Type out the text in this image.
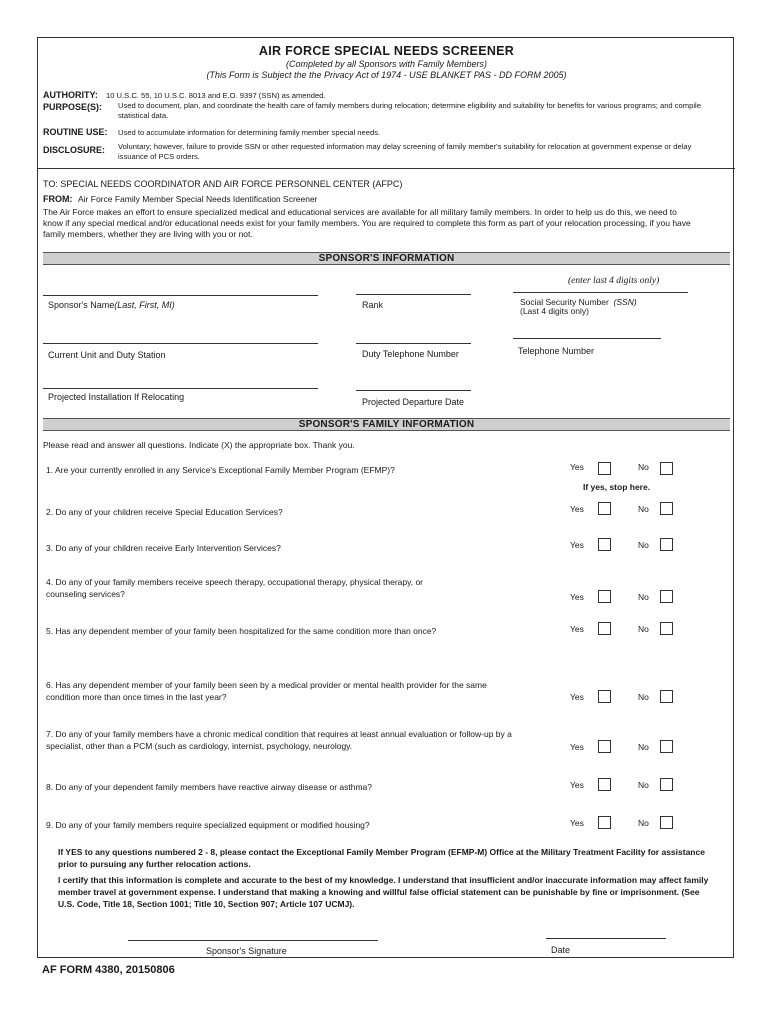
AIR FORCE SPECIAL NEEDS SCREENER
(Completed by all Sponsors with Family Members)
(This Form is Subject the the Privacy Act of 1974 - USE BLANKET PAS - DD FORM 2005)
AUTHORITY: 10 U.S.C. 55, 10 U.S.C. 8013 and E.O. 9397 (SSN) as amended.
PURPOSE(S): Used to document, plan, and coordinate the health care of family members during relocation; determine eligibility and suitability for benefits for various programs; and compile statistical data.
ROUTINE USE: Used to accumulate information for determining family member special needs.
DISCLOSURE: Voluntary; however, failure to provide SSN or other requested information may delay screening of family member's suitability for relocation at government expense or delay issuance of PCS orders.
TO: SPECIAL NEEDS COORDINATOR AND AIR FORCE PERSONNEL CENTER (AFPC)
FROM: Air Force Family Member Special Needs Identification Screener
The Air Force makes an effort to ensure specialized medical and educational services are available for all military family members. In order to help us do this, we need to know if any special medical and/or educational needs exist for your family members. You are required to complete this form as part of your relocation processing, if you have family members, whether they are living with you or not.
SPONSOR'S INFORMATION
(enter last 4 digits only)
Sponsor's Name(Last, First, MI)	Rank	Social Security Number (SSN)
(Last 4 digits only)
Current Unit and Duty Station	Duty Telephone Number	Telephone Number
Projected Installation If Relocating	Projected Departure Date
SPONSOR'S FAMILY INFORMATION
Please read and answer all questions. Indicate (X) the appropriate box. Thank you.
1. Are your currently enrolled in any Service's Exceptional Family Member Program (EFMP)?	Yes	No
If yes, stop here.
2. Do any of your children receive Special Education Services?	Yes	No
3. Do any of your children receive Early Intervention Services?	Yes	No
4. Do any of your family members receive speech therapy, occupational therapy, physical therapy, or counseling services?	Yes	No
5. Has any dependent member of your family been hospitalized for the same condition more than once?	Yes	No
6. Has any dependent member of your family been seen by a medical provider or mental health provider for the same condition more than once times in the last year?	Yes	No
7. Do any of your family members have a chronic medical condition that requires at least annual evaluation or follow-up by a specialist, other than a PCM (such as cardiology, internist, psychology, neurology.	Yes	No
8. Do any of your dependent family members have reactive airway disease or asthma?	Yes	No
9. Do any of your family members require specialized equipment or modified housing?	Yes	No
If YES to any questions numbered 2 - 8, please contact the Exceptional Family Member Program (EFMP-M) Office at the Military Treatment Facility for assistance prior to pursuing any further relocation actions.
I certify that this information is complete and accurate to the best of my knowledge. I understand that insufficient and/or inaccurate information may affect family member travel at government expense. I understand that making a knowing and willful false official statement can be punishable by fine or imprisonment. (See U.S. Code, Title 18, Section 1001; Title 10, Section 907; Article 107 UCMJ).
Sponsor's Signature	Date
AF FORM 4380, 20150806
